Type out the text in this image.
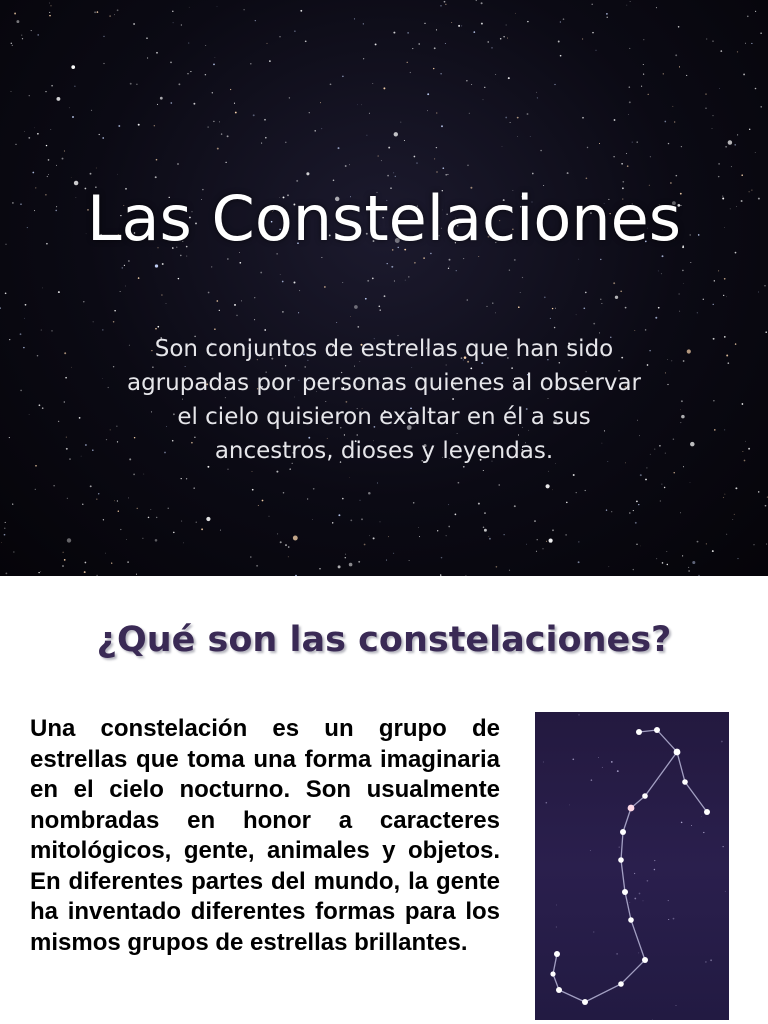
Las Constelaciones
Son conjuntos de estrellas que han sido agrupadas por personas quienes al observar el cielo quisieron exaltar en él a sus ancestros, dioses y leyendas.
¿Qué son las constelaciones?
Una constelación es un grupo de estrellas que toma una forma imaginaria en el cielo nocturno. Son usualmente nombradas en honor a caracteres mitológicos, gente, animales y objetos. En diferentes partes del mundo, la gente ha inventado diferentes formas para los mismos grupos de estrellas brillantes.
